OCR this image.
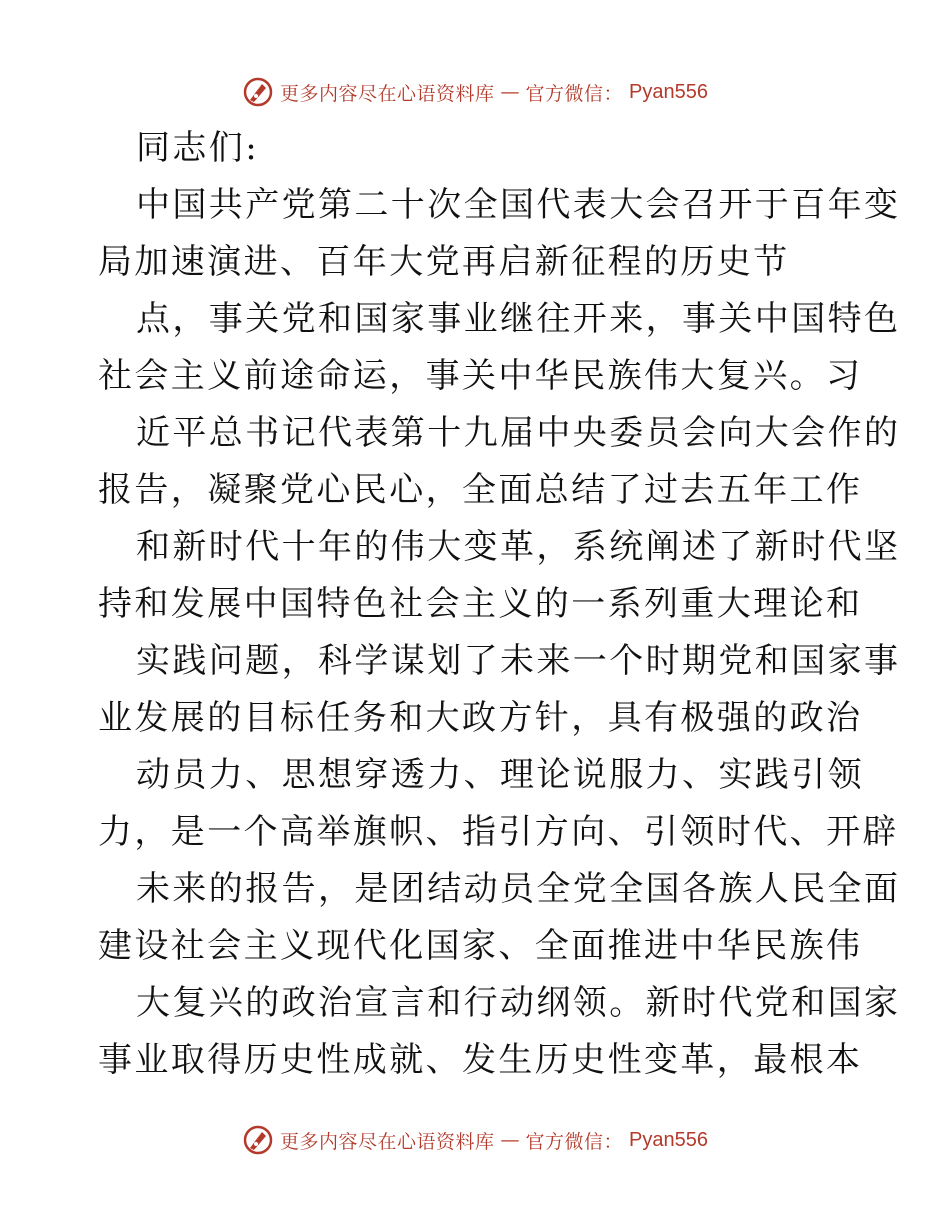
更多内容尽在心语资料库 — 官方微信： Pyan556
同志们:
中国共产党第二十次全国代表大会召开于百年变
局加速演进、百年大党再启新征程的历史节
点，事关党和国家事业继往开来，事关中国特色
社会主义前途命运，事关中华民族伟大复兴。习
近平总书记代表第十九届中央委员会向大会作的
报告，凝聚党心民心，全面总结了过去五年工作
和新时代十年的伟大变革，系统阐述了新时代坚
持和发展中国特色社会主义的一系列重大理论和
实践问题，科学谋划了未来一个时期党和国家事
业发展的目标任务和大政方针，具有极强的政治
动员力、思想穿透力、理论说服力、实践引领
力，是一个高举旗帜、指引方向、引领时代、开辟
未来的报告，是团结动员全党全国各族人民全面
建设社会主义现代化国家、全面推进中华民族伟
大复兴的政治宣言和行动纲领。新时代党和国家
事业取得历史性成就、发生历史性变革，最根本
更多内容尽在心语资料库 — 官方微信： Pyan556
